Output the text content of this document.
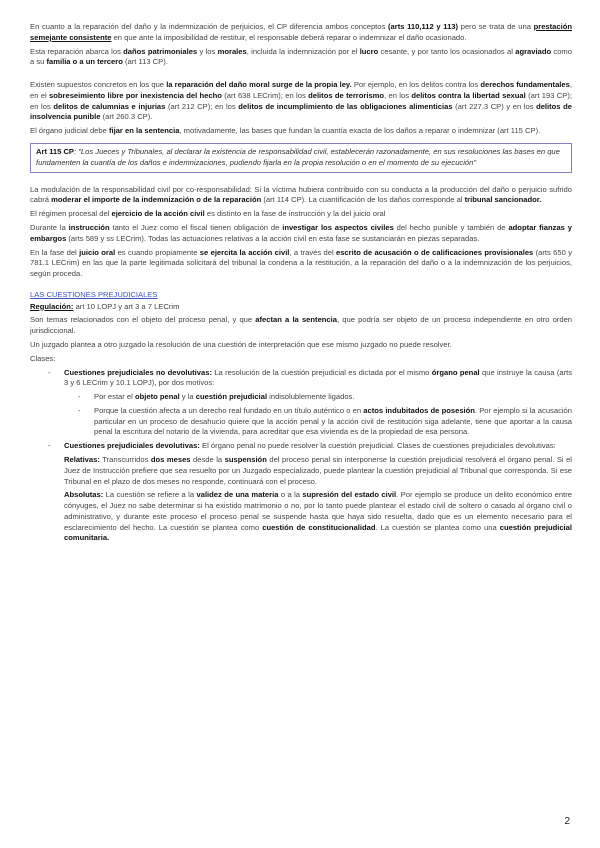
En cuanto a la reparación del daño y la indemnización de perjuicios, el CP diferencia ambos conceptos (arts 110,112 y 113) pero se trata de una prestación semejante consistente en que ante la imposibilidad de restituir, el responsable deberá reparar o indemnizar el daño ocasionado.

Esta reparación abarca los daños patrimoniales y los morales, incluida la indemnización por el lucro cesante, y por tanto los ocasionados al agraviado como a su familia o a un tercero (art 113 CP).

Existen supuestos concretos en los que la reparación del daño moral surge de la propia ley. Por ejemplo, en los delitos contra los derechos fundamentales, en el sobreseimiento libre por inexistencia del hecho (art 638 LECrim); en los delitos de terrorismo, en los delitos contra la libertad sexual (art 193 CP); en los delitos de calumnias e injurias (art 212 CP); en los delitos de incumplimiento de las obligaciones alimenticias (art 227.3 CP) y en los delitos de insolvencia punible (art 260.3 CP).

El órgano judicial debe fijar en la sentencia, motivadamente, las bases que fundan la cuantía exacta de los daños a reparar o indemnizar (art 115 CP).

Art 115 CP: "Los Jueces y Tribunales, al declarar la existencia de responsabilidad civil, establecerán razonadamente, en sus resoluciones las bases en que fundamenten la cuantía de los daños e indemnizaciones, pudiendo fijarla en la propia resolución o en el momento de su ejecución"

La modulación de la responsabilidad civil por co-responsabilidad: Si la víctima hubiera contribuido con su conducta a la producción del daño o perjuicio sufrido cabrá moderar el importe de la indemnización o de la reparación (art 114 CP). La cuantificación de los daños corresponde al tribunal sancionador.

El régimen procesal del ejercicio de la acción civil es distinto en la fase de instrucción y la del juicio oral

Durante la instrucción tanto el Juez como el fiscal tienen obligación de investigar los aspectos civiles del hecho punible y también de adoptar fianzas y embargos (arts 589 y ss LECrim). Todas las actuaciones relativas a la acción civil en esta fase se sustanciarán en piezas separadas.

En la fase del juicio oral es cuando propiamente se ejercita la acción civil, a través del escrito de acusación o de calificaciones provisionales (arts 650 y 781.1 LECrim) en las que la parte legitimada solicitará del tribunal la condena a la restitución, a la reparación del daño o a la indemnización de los perjuicios, según proceda.

LAS CUESTIONES PREJUDICIALES

Regulación: art 10 LOPJ y art 3 a 7 LECrim

Son temas relacionados con el objeto del proceso penal, y que afectan a la sentencia, que podría ser objeto de un proceso independiente en otro orden jurisdiccional.

Un juzgado plantea a otro juzgado la resolución de una cuestión de interpretación que ese mismo juzgado no puede resolver.

Clases:

- Cuestiones prejudiciales no devolutivas: La resolución de la cuestión prejudicial es dictada por el mismo órgano penal que instruye la causa (arts 3 y 6 LECrim y 10.1 LOPJ), por dos motivos:

- Por estar el objeto penal y la cuestión prejudicial indisolublemente ligados.

- Porque la cuestión afecta a un derecho real fundado en un título auténtico o en actos indubitados de posesión. Por ejemplo si la acusación particular en un proceso de desahucio quiere que la acción penal y la acción civil de restitución siga adelante, tiene que aportar a la causa penal la escritura del notario de la vivienda, para acreditar que esa vivienda es de la propiedad de esa persona.

- Cuestiones prejudiciales devolutivas: El órgano penal no puede resolver la cuestión prejudicial. Clases de cuestiones prejudiciales devolutivas:

Relativas: Transcurridos dos meses desde la suspensión del proceso penal sin interponerse la cuestión prejudicial resolverá el órgano penal. Si el Juez de Instrucción prefiere que sea resuelto por un Juzgado especializado, puede plantear la cuestión prejudicial al Tribunal que corresponda. Si ese Tribunal en el plazo de dos meses no responde, continuará con el proceso.

Absolutas: La cuestión se refiere a la validez de una materia o a la supresión del estado civil. Por ejemplo se produce un delito económico entre cónyuges, el Juez no sabe determinar si ha existido matrimonio o no, por lo tanto puede plantear el estado civil de soltero o casado al órgano civil o administrativo, y durante este proceso el proceso penal se suspende hasta que haya sido resuelta, dado que es un elemento necesario para el esclarecimiento del hecho. La cuestión se plantea como cuestión de constitucionalidad. La cuestión se plantea como una cuestión prejudicial comunitaria.

2
